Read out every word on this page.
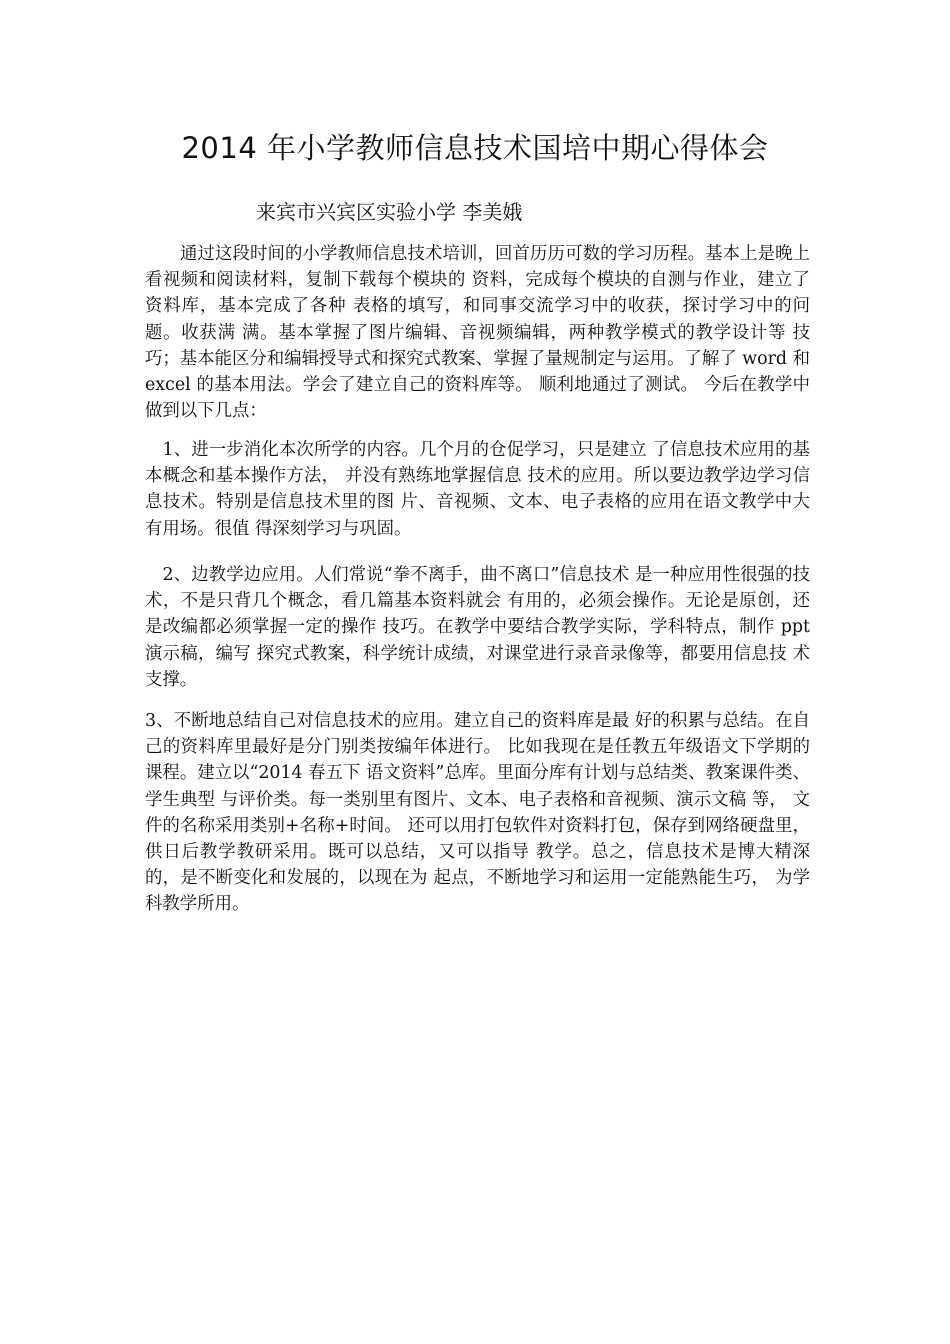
2014 年小学教师信息技术国培中期心得体会
来宾市兴宾区实验小学 李美娥

　　通过这段时间的小学教师信息技术培训，回首历历可数的学习历程。基本上是晚上看视频和阅读材料，复制下载每个模块的 资料，完成每个模块的自测与作业，建立了资料库，基本完成了各种 表格的填写，和同事交流学习中的收获，探讨学习中的问题。收获满 满。基本掌握了图片编辑、音视频编辑，两种教学模式的教学设计等 技巧；基本能区分和编辑授导式和探究式教案、掌握了量规制定与运用。了解了 word 和 excel 的基本用法。学会了建立自己的资料库等。 顺利地通过了测试。 今后在教学中做到以下几点：

　1、进一步消化本次所学的内容。几个月的仓促学习，只是建立 了信息技术应用的基本概念和基本操作方法， 并没有熟练地掌握信息 技术的应用。所以要边教学边学习信息技术。特别是信息技术里的图 片、音视频、文本、电子表格的应用在语文教学中大有用场。很值 得深刻学习与巩固。

　2、边教学边应用。人们常说“拳不离手，曲不离口”信息技术 是一种应用性很强的技术，不是只背几个概念，看几篇基本资料就会 有用的，必须会操作。无论是原创，还是改编都必须掌握一定的操作 技巧。在教学中要结合教学实际，学科特点，制作 ppt 演示稿，编写 探究式教案，科学统计成绩，对课堂进行录音录像等，都要用信息技 术支撑。

3、不断地总结自己对信息技术的应用。建立自己的资料库是最 好的积累与总结。在自己的资料库里最好是分门别类按编年体进行。 比如我现在是任教五年级语文下学期的课程。建立以“2014 春五下 语文资料”总库。里面分库有计划与总结类、教案课件类、学生典型 与评价类。每一类别里有图片、文本、电子表格和音视频、演示文稿 等， 文件的名称采用类别+名称+时间。 还可以用打包软件对资料打包，保存到网络硬盘里，供日后教学教研采用。既可以总结，又可以指导 教学。总之，信息技术是博大精深的，是不断变化和发展的，以现在为 起点，不断地学习和运用一定能熟能生巧， 为学科教学所用。
